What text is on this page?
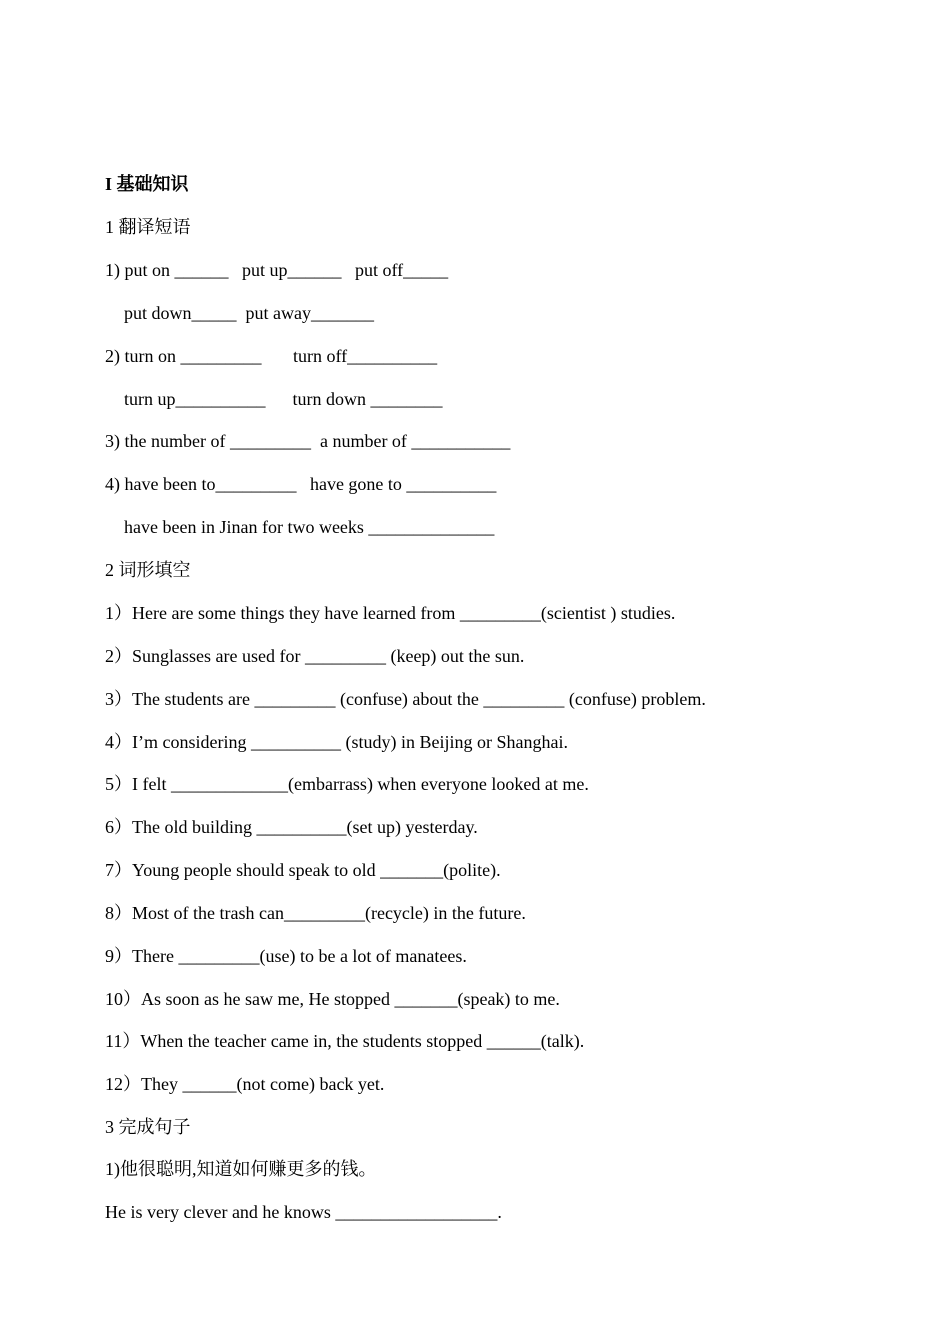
I 基础知识
1 翻译短语
1) put on ______   put up______   put off_____
put down_____  put away_______
2) turn on _________       turn off__________
turn up__________      turn down ________
3) the number of _________  a number of ___________
4) have been to_________   have gone to __________
have been in Jinan for two weeks ______________
2 词形填空
1）Here are some things they have learned from _________(scientist ) studies.
2）Sunglasses are used for _________ (keep) out the sun.
3）The students are _________ (confuse) about the _________ (confuse) problem.
4）I’m considering __________ (study) in Beijing or Shanghai.
5）I felt _____________(embarrass) when everyone looked at me.
6）The old building __________(set up) yesterday.
7）Young people should speak to old _______(polite).
8）Most of the trash can_________(recycle) in the future.
9）There _________(use) to be a lot of manatees.
10）As soon as he saw me, He stopped _______(speak) to me.
11）When the teacher came in, the students stopped ______(talk).
12）They ______(not come) back yet.
3 完成句子
1)他很聪明,知道如何赚更多的钱。
He is very clever and he knows __________________.
